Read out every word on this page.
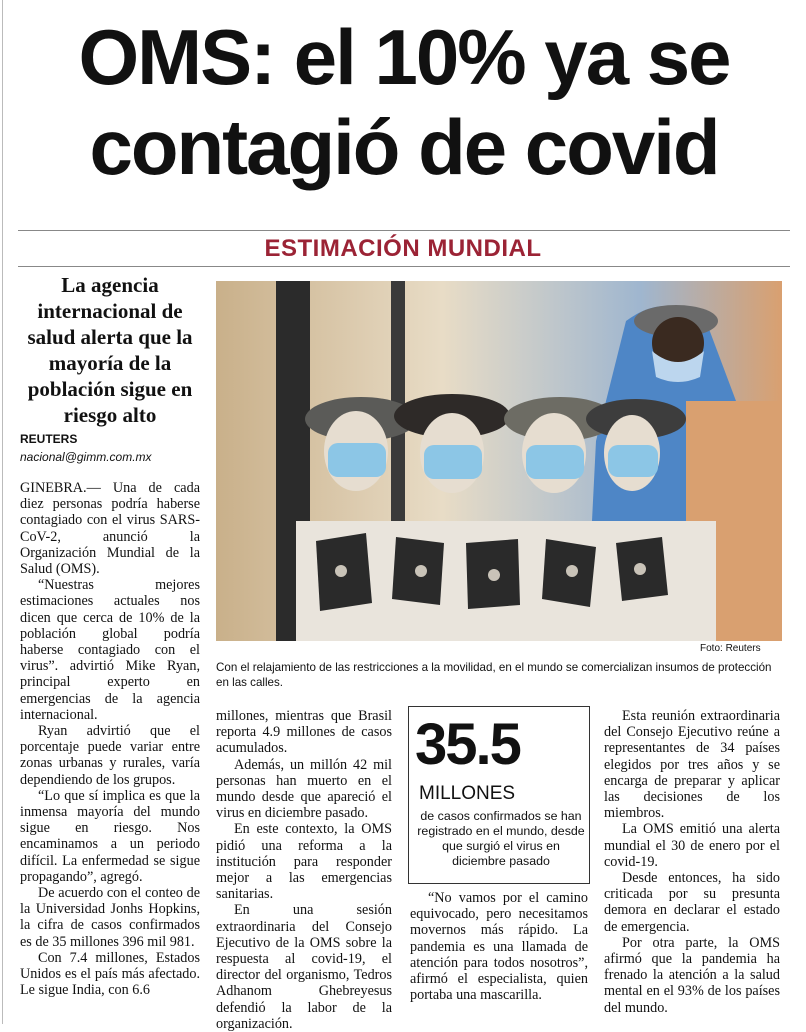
OMS: el 10% ya se
contagió de covid
ESTIMACIÓN MUNDIAL
La agencia internacional de salud alerta que la mayoría de la población sigue en riesgo alto
REUTERS
nacional@gimm.com.mx
Foto: Reuters
Con el relajamiento de las restricciones a la movilidad, en el mundo se comercializan insumos de protección en las calles.

GINEBRA.— Una de cada diez personas podría haberse contagiado con el virus SARS-CoV-2, anunció la Organización Mundial de la Salud (OMS).

“Nuestras mejores estimaciones actuales nos dicen que cerca de 10% de la población global podría haberse contagiado con el virus”. advirtió Mike Ryan, principal experto en emergencias de la agencia internacional.

Ryan advirtió que el porcentaje puede variar entre zonas urbanas y rurales, varía dependiendo de los grupos.

“Lo que sí implica es que la inmensa mayoría del mundo sigue en riesgo. Nos encaminamos a un periodo difícil. La enfermedad se sigue propagando”, agregó.

De acuerdo con el conteo de la Universidad Jonhs Hopkins, la cifra de casos confirmados es de 35 millones 396 mil 981.

Con 7.4 millones, Estados Unidos es el país más afectado. Le sigue India, con 6.6

millones, mientras que Brasil reporta 4.9 millones de casos acumulados.

Además, un millón 42 mil personas han muerto en el mundo desde que apareció el virus en diciembre pasado.

En este contexto, la OMS pidió una reforma a la institución para responder mejor a las emergencias sanitarias.

En una sesión extraordinaria del Consejo Ejecutivo de la OMS sobre la respuesta al covid-19, el director del organismo, Tedros Adhanom Ghebreyesus defendió la labor de la organización.

35.5
MILLONES
de casos confirmados se han registrado en el mundo, desde que surgió el virus en diciembre pasado

“No vamos por el camino equivocado, pero necesitamos movernos más rápido. La pandemia es una llamada de atención para todos nosotros”, afirmó el especialista, quien portaba una mascarilla.

Esta reunión extraordinaria del Consejo Ejecutivo reúne a representantes de 34 países elegidos por tres años y se encarga de preparar y aplicar las decisiones de los miembros.

La OMS emitió una alerta mundial el 30 de enero por el covid-19.

Desde entonces, ha sido criticada por su presunta demora en declarar el estado de emergencia.

Por otra parte, la OMS afirmó que la pandemia ha frenado la atención a la salud mental en el 93% de los países del mundo.
